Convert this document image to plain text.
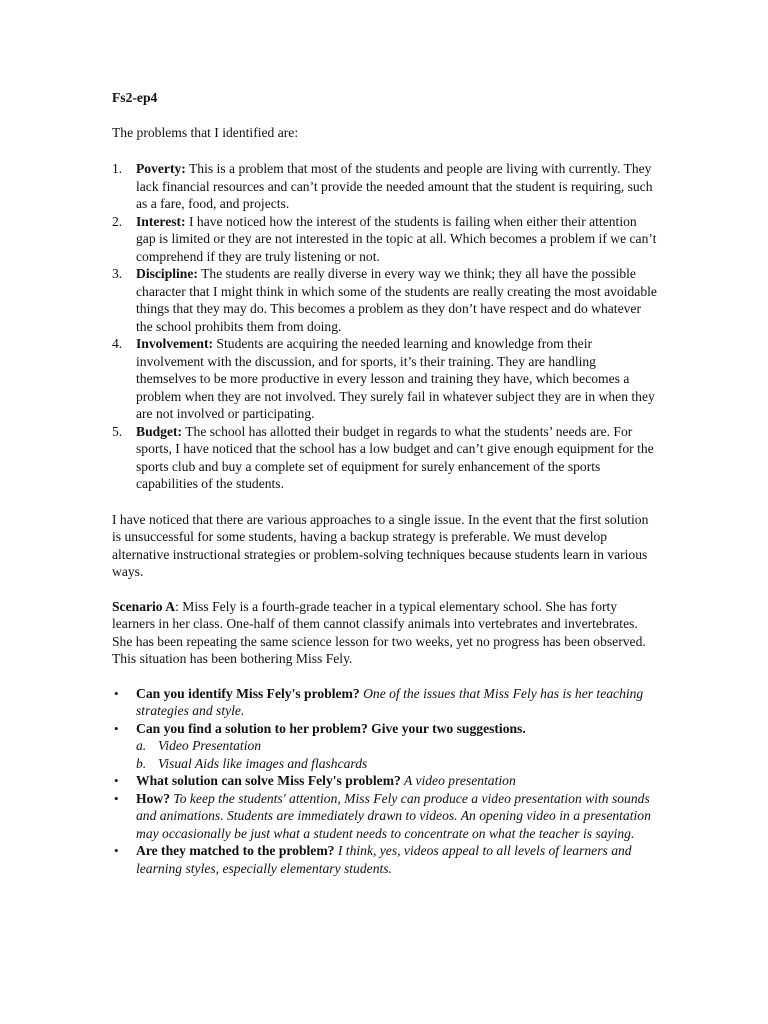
Fs2-ep4

The problems that I identified are:

1. Poverty: This is a problem that most of the students and people are living with currently. They lack financial resources and can’t provide the needed amount that the student is requiring, such as a fare, food, and projects.
2. Interest: I have noticed how the interest of the students is failing when either their attention gap is limited or they are not interested in the topic at all. Which becomes a problem if we can’t comprehend if they are truly listening or not.
3. Discipline: The students are really diverse in every way we think; they all have the possible character that I might think in which some of the students are really creating the most avoidable things that they may do. This becomes a problem as they don’t have respect and do whatever the school prohibits them from doing.
4. Involvement: Students are acquiring the needed learning and knowledge from their involvement with the discussion, and for sports, it’s their training. They are handling themselves to be more productive in every lesson and training they have, which becomes a problem when they are not involved. They surely fail in whatever subject they are in when they are not involved or participating.
5. Budget: The school has allotted their budget in regards to what the students’ needs are. For sports, I have noticed that the school has a low budget and can’t give enough equipment for the sports club and buy a complete set of equipment for surely enhancement of the sports capabilities of the students.

I have noticed that there are various approaches to a single issue. In the event that the first solution is unsuccessful for some students, having a backup strategy is preferable. We must develop alternative instructional strategies or problem-solving techniques because students learn in various ways.

Scenario A: Miss Fely is a fourth-grade teacher in a typical elementary school. She has forty learners in her class. One-half of them cannot classify animals into vertebrates and invertebrates. She has been repeating the same science lesson for two weeks, yet no progress has been observed. This situation has been bothering Miss Fely.

• Can you identify Miss Fely's problem? One of the issues that Miss Fely has is her teaching strategies and style.
• Can you find a solution to her problem? Give your two suggestions.
a. Video Presentation
b. Visual Aids like images and flashcards
• What solution can solve Miss Fely's problem? A video presentation
• How? To keep the students' attention, Miss Fely can produce a video presentation with sounds and animations. Students are immediately drawn to videos. An opening video in a presentation may occasionally be just what a student needs to concentrate on what the teacher is saying.
• Are they matched to the problem? I think, yes, videos appeal to all levels of learners and learning styles, especially elementary students.
